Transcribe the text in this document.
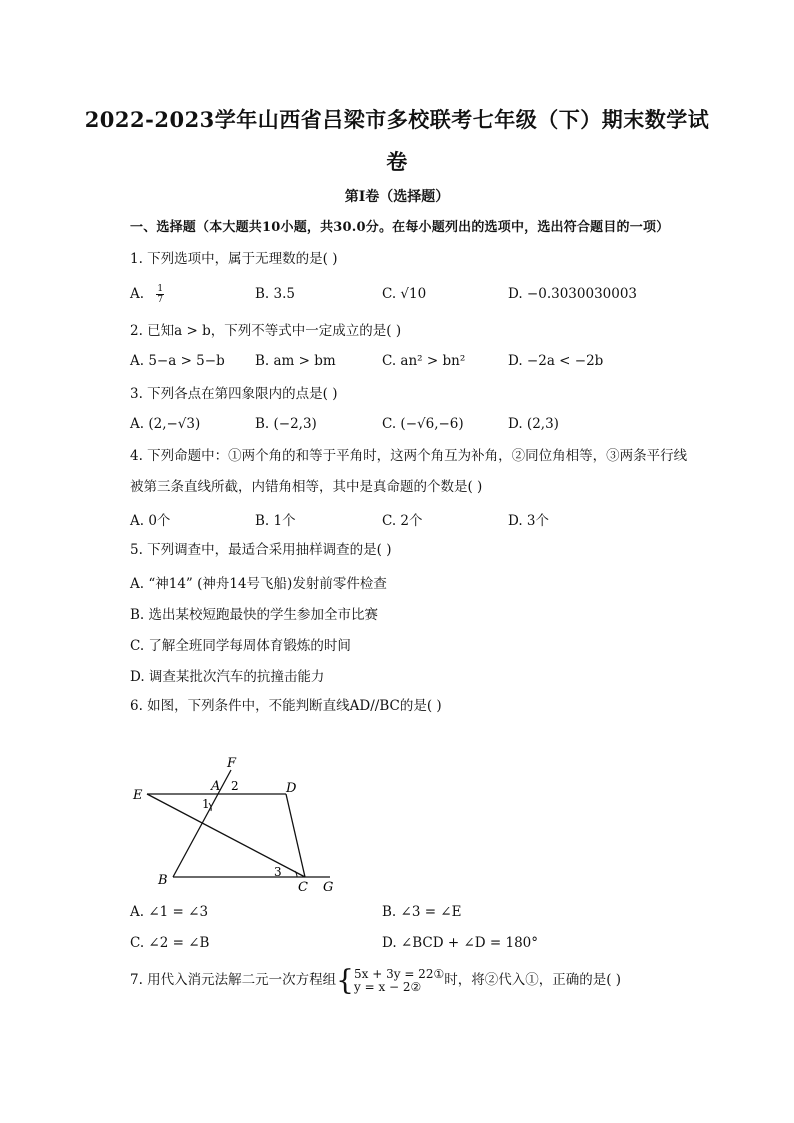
2022-2023学年山西省吕梁市多校联考七年级（下）期末数学试
卷
第Ⅰ卷（选择题）
一、选择题（本大题共10小题，共30.0分。在每小题列出的选项中，选出符合题目的一项）
1. 下列选项中，属于无理数的是( )
A. $\frac{1}{7}$	B. 3.5	C. √10	D. −0.3030030003
2. 已知a > b，下列不等式中一定成立的是( )
A. 5−a > 5−b B. am > bm	C. an² > bn²	D. −2a < −2b
3. 下列各点在第四象限内的点是( )
A. (2,−√3)	B. (−2,3)	C. (−√6,−6)	D. (2,3)
4. 下列命题中：①两个角的和等于平角时，这两个角互为补角，②同位角相等，③两条平行线被第三条直线所截，内错角相等，其中是真命题的个数是( )
A. 0个	B. 1个	C. 2个	D. 3个
5. 下列调查中，最适合采用抽样调查的是( )
A. “神14” (神舟14号飞船)发射前零件检查
B. 选出某校短跑最快的学生参加全市比赛
C. 了解全班同学每周体育锻炼的时间
D. 调查某批次汽车的抗撞击能力
6. 如图，下列条件中，不能判断直线AD//BC的是( )
F
A 2	D
E
1
B
3
C G
A. ∠1 = ∠3	B. ∠3 = ∠E
C. ∠2 = ∠B	D. ∠BCD + ∠D = 180°
7. 用代入消元法解二元一次方程组{ 5x + 3y = 22①
y = x − 2②	时，将②代入①，正确的是( )
